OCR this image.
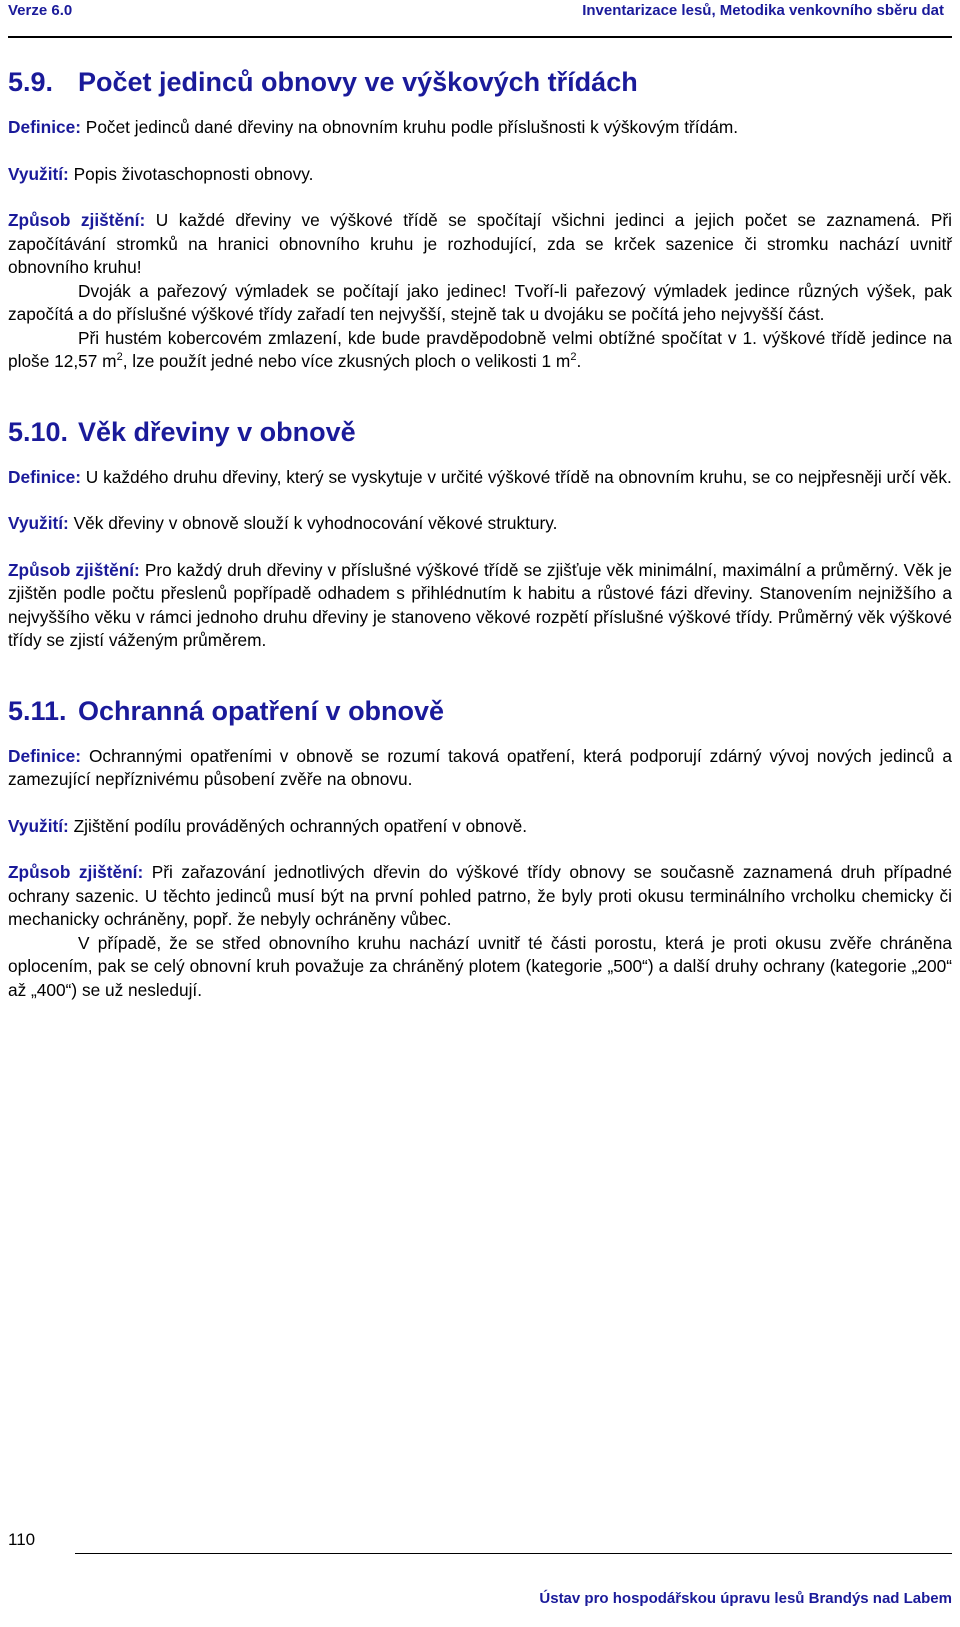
Verze 6.0	Inventarizace lesů, Metodika venkovního sběru dat
5.9. Počet jedinců obnovy ve výškových třídách

Definice: Počet jedinců dané dřeviny na obnovním kruhu podle příslušnosti k výškovým třídám.

Využití: Popis životaschopnosti obnovy.

Způsob zjištění: U každé dřeviny ve výškové třídě se spočítají všichni jedinci a jejich počet se zaznamená. Při započítávání stromků na hranici obnovního kruhu je rozhodující, zda se krček sazenice či stromku nachází uvnitř obnovního kruhu!

Dvoják a pařezový výmladek se počítají jako jedinec! Tvoří-li pařezový výmladek jedince různých výšek, pak započítá a do příslušné výškové třídy zařadí ten nejvyšší, stejně tak u dvojáku se počítá jeho nejvyšší část.

Při hustém kobercovém zmlazení, kde bude pravděpodobně velmi obtížné spočítat v 1. výškové třídě jedince na ploše 12,57 $m^2$, lze použít jedné nebo více zkusných ploch o velikosti 1 $m^2$.

5.10. Věk dřeviny v obnově

Definice: U každého druhu dřeviny, který se vyskytuje v určité výškové třídě na obnovním kruhu, se co nejpřesněji určí věk.

Využití: Věk dřeviny v obnově slouží k vyhodnocování věkové struktury.

Způsob zjištění: Pro každý druh dřeviny v příslušné výškové třídě se zjišťuje věk minimální, maximální a průměrný. Věk je zjištěn podle počtu přeslenů popřípadě odhadem s přihlédnutím k habitu a růstové fázi dřeviny. Stanovením nejnižšího a nejvyššího věku v rámci jednoho druhu dřeviny je stanoveno věkové rozpětí příslušné výškové třídy. Průměrný věk výškové třídy se zjistí váženým průměrem.

5.11. Ochranná opatření v obnově

Definice: Ochrannými opatřeními v obnově se rozumí taková opatření, která podporují zdárný vývoj nových jedinců a zamezující nepříznivému působení zvěře na obnovu.

Využití: Zjištění podílu prováděných ochranných opatření v obnově.

Způsob zjištění: Při zařazování jednotlivých dřevin do výškové třídy obnovy se současně zaznamená druh případné ochrany sazenic. U těchto jedinců musí být na první pohled patrno, že byly proti okusu terminálního vrcholku chemicky či mechanicky ochráněny, popř. že nebyly ochráněny vůbec.

V případě, že se střed obnovního kruhu nachází uvnitř té části porostu, která je proti okusu zvěře chráněna oplocením, pak se celý obnovní kruh považuje za chráněný plotem (kategorie „500“) a další druhy ochrany (kategorie „200“ až „400“) se už nesledují.

110
Ústav pro hospodářskou úpravu lesů Brandýs nad Labem
